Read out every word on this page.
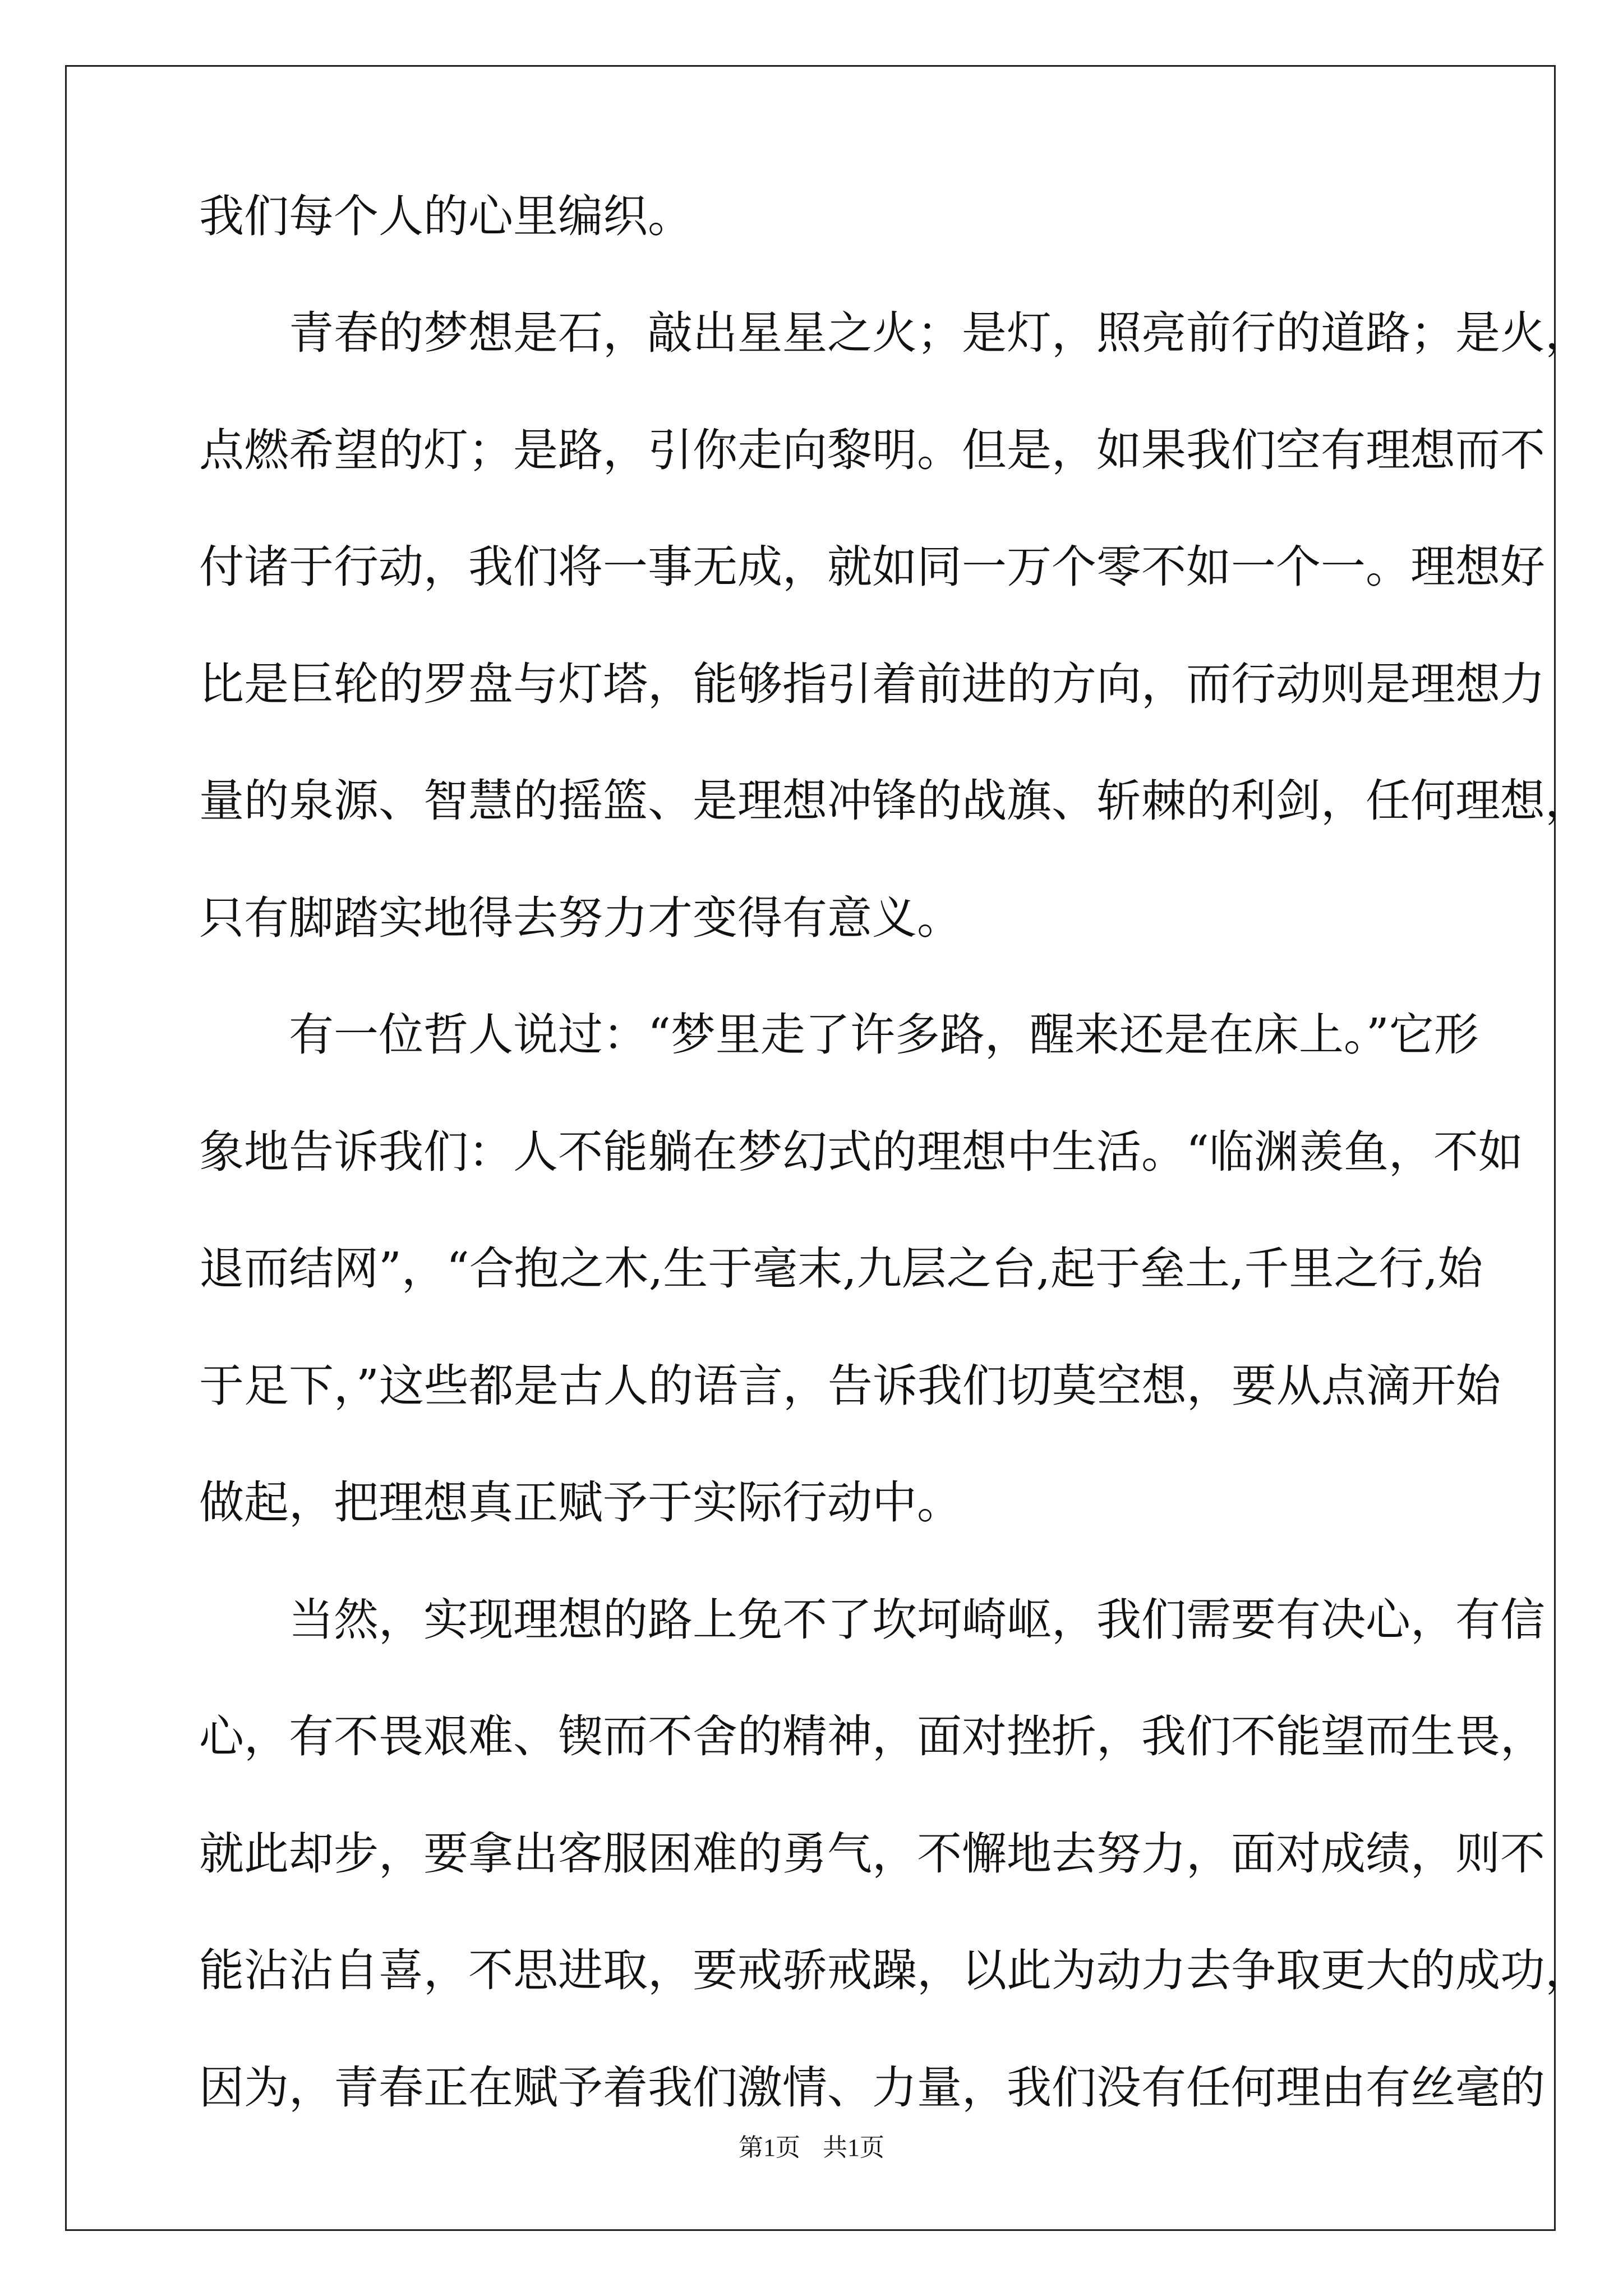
我们每个人的心里编织。
　　青春的梦想是石，敲出星星之火；是灯，照亮前行的道路；是火，
点燃希望的灯；是路，引你走向黎明。但是，如果我们空有理想而不
付诸于行动，我们将一事无成，就如同一万个零不如一个一。理想好
比是巨轮的罗盘与灯塔，能够指引着前进的方向，而行动则是理想力
量的泉源、智慧的摇篮、是理想冲锋的战旗、斩棘的利剑，任何理想，
只有脚踏实地得去努力才变得有意义。
　　有一位哲人说过：“梦里走了许多路，醒来还是在床上。”它形
象地告诉我们：人不能躺在梦幻式的理想中生活。“临渊羡鱼，不如
退而结网”，“合抱之木,生于毫末,九层之台,起于垒土,千里之行,始
于足下，”这些都是古人的语言，告诉我们切莫空想，要从点滴开始
做起，把理想真正赋予于实际行动中。
　　当然，实现理想的路上免不了坎坷崎岖，我们需要有决心，有信
心，有不畏艰难、锲而不舍的精神，面对挫折，我们不能望而生畏，
就此却步，要拿出客服困难的勇气，不懈地去努力，面对成绩，则不
能沾沾自喜，不思进取，要戒骄戒躁，以此为动力去争取更大的成功，
因为，青春正在赋予着我们激情、力量，我们没有任何理由有丝毫的
第1页 共1页
